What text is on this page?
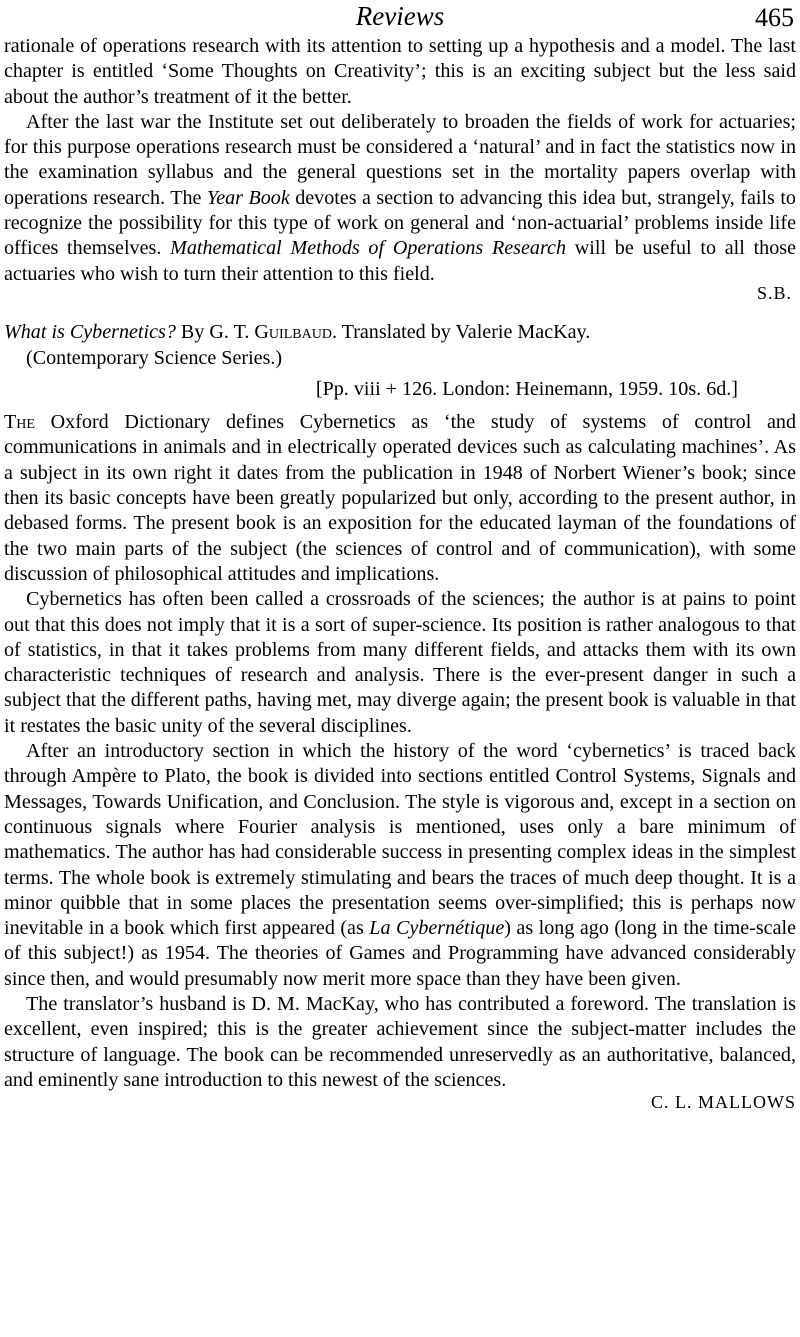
Reviews	465

rationale of operations research with its attention to setting up a hypothesis and a model. The last chapter is entitled ‘Some Thoughts on Creativity’; this is an exciting subject but the less said about the author’s treatment of it the better.

After the last war the Institute set out deliberately to broaden the fields of work for actuaries; for this purpose operations research must be considered a ‘natural’ and in fact the statistics now in the examination syllabus and the general questions set in the mortality papers overlap with operations research. The Year Book devotes a section to advancing this idea but, strangely, fails to recognize the possibility for this type of work on general and ‘non-actuarial’ problems inside life offices themselves. Mathematical Methods of Operations Research will be useful to all those actuaries who wish to turn their attention to this field.

S.B.

What is Cybernetics? By G. T. Guilbaud. Translated by Valerie MacKay.
(Contemporary Science Series.)

[Pp. viii + 126. London: Heinemann, 1959. 10s. 6d.]

The Oxford Dictionary defines Cybernetics as ‘the study of systems of control and communications in animals and in electrically operated devices such as calculating machines’. As a subject in its own right it dates from the publication in 1948 of Norbert Wiener’s book; since then its basic concepts have been greatly popularized but only, according to the present author, in debased forms. The present book is an exposition for the educated layman of the foundations of the two main parts of the subject (the sciences of control and of communication), with some discussion of philosophical attitudes and implications.

Cybernetics has often been called a crossroads of the sciences; the author is at pains to point out that this does not imply that it is a sort of super-science. Its position is rather analogous to that of statistics, in that it takes problems from many different fields, and attacks them with its own characteristic techniques of research and analysis. There is the ever-present danger in such a subject that the different paths, having met, may diverge again; the present book is valuable in that it restates the basic unity of the several disciplines.

After an introductory section in which the history of the word ‘cybernetics’ is traced back through Ampère to Plato, the book is divided into sections entitled Control Systems, Signals and Messages, Towards Unification, and Conclusion. The style is vigorous and, except in a section on continuous signals where Fourier analysis is mentioned, uses only a bare minimum of mathematics. The author has had considerable success in presenting complex ideas in the simplest terms. The whole book is extremely stimulating and bears the traces of much deep thought. It is a minor quibble that in some places the presentation seems over-simplified; this is perhaps now inevitable in a book which first appeared (as La Cybernétique) as long ago (long in the time-scale of this subject!) as 1954. The theories of Games and Programming have advanced considerably since then, and would presumably now merit more space than they have been given.

The translator’s husband is D. M. MacKay, who has contributed a foreword. The translation is excellent, even inspired; this is the greater achievement since the subject-matter includes the structure of language. The book can be recommended unreservedly as an authoritative, balanced, and eminently sane introduction to this newest of the sciences.

C. L. MALLOWS
